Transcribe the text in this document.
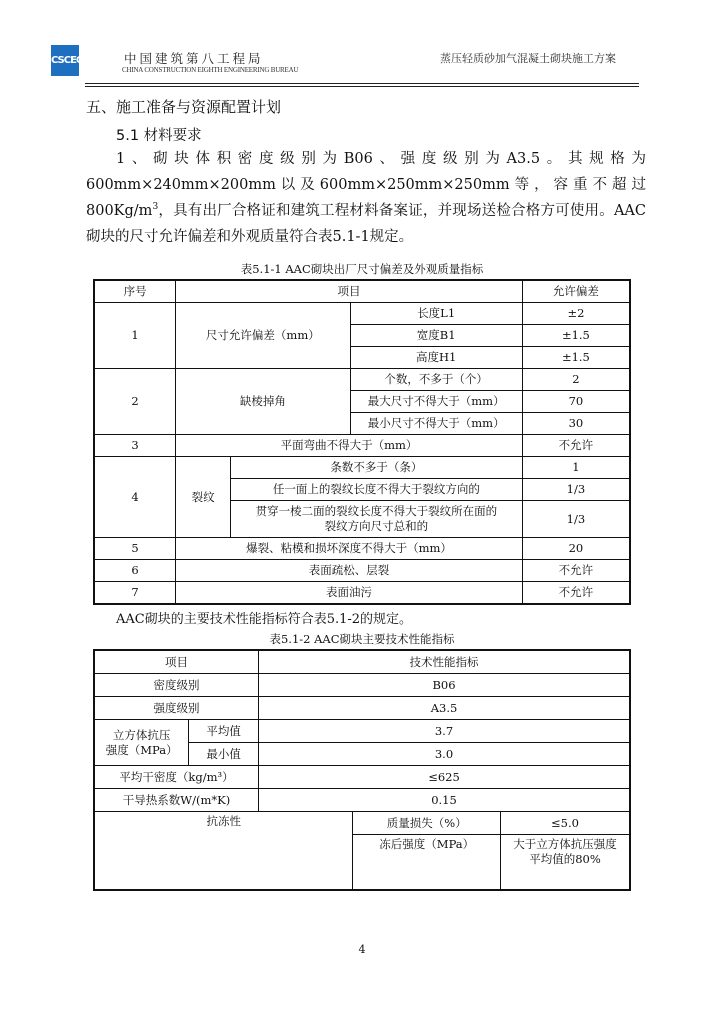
CSCEC	中国建筑第八工程局
CHINA CONSTRUCTION EIGHTH ENGINEERING BUREAU
蒸压轻质砂加气混凝土砌块施工方案
五、施工准备与资源配置计划
5.1 材料要求
1、砌块体积密度级别为B06、强度级别为A3.5。其规格为600mm×240mm×200mm以及600mm×250mm×250mm等，容重不超过$800Kg/m^3$，具有出厂合格证和建筑工程材料备案证，并现场送检合格方可使用。AAC砌块的尺寸允许偏差和外观质量符合表5.1-1规定。
表5.1-1 AAC砌块出厂尺寸偏差及外观质量指标
序号	项目			允许偏差
1	尺寸允许偏差（mm）		长度L1	±2
			宽度B1	±1.5
			高度H1	±1.5
2	缺棱掉角		个数，不多于（个）	2
			最大尺寸不得大于（mm）	70
			最小尺寸不得大于（mm）	30
3	平面弯曲不得大于（mm）			不允许
4	裂纹	条数不多于（条）		1
		任一面上的裂纹长度不得大于裂纹方向的		1/3
		贯穿一棱二面的裂纹长度不得大于裂纹所在面的
裂纹方向尺寸总和的		1/3
5	爆裂、粘模和损坏深度不得大于（mm）			20
6	表面疏松、层裂			不允许
7	表面油污			不允许
AAC砌块的主要技术性能指标符合表5.1-2的规定。
表5.1-2 AAC砌块主要技术性能指标
项目		技术性能指标		
密度级别		B06		
强度级别		A3.5		
立方体抗压
强度（MPa）	平均值	3.7		
	最小值	3.0		
平均干密度（kg/m³）		≤625		
干导热系数W/(m*K)		0.15		
抗冻性			质量损失（%）	≤5.0
			冻后强度（MPa）	大于立方体抗压强度
平均值的80%
4
